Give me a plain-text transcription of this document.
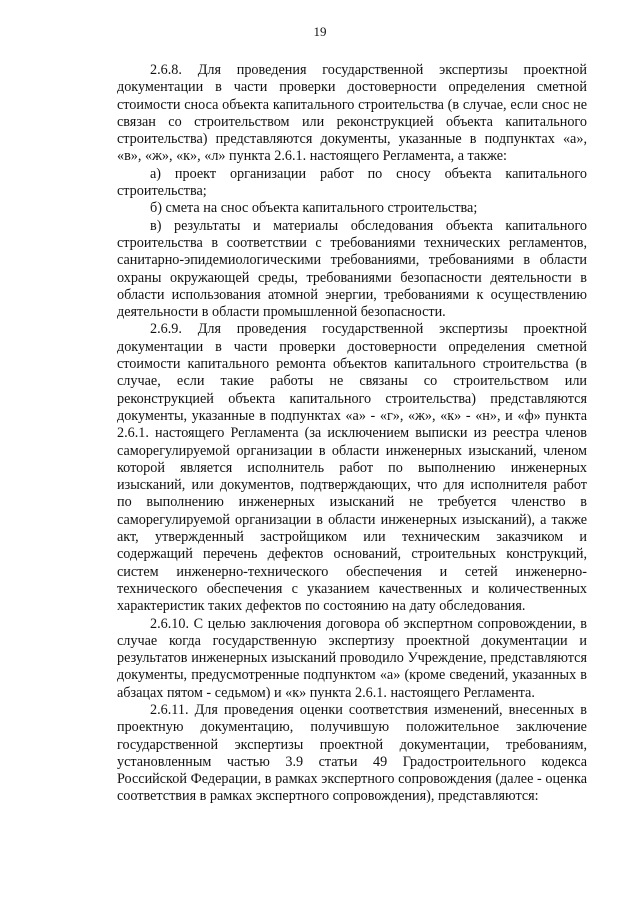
19

2.6.8. Для проведения государственной экспертизы проектной документации в части проверки достоверности определения сметной стоимости сноса объекта капитального строительства (в случае, если снос не связан со строительством или реконструкцией объекта капитального строительства) представляются документы, указанные в подпунктах «а», «в», «ж», «к», «л» пункта 2.6.1. настоящего Регламента, а также:

а) проект организации работ по сносу объекта капитального строительства;

б) смета на снос объекта капитального строительства;

в) результаты и материалы обследования объекта капитального строительства в соответствии с требованиями технических регламентов, санитарно-эпидемиологическими требованиями, требованиями в области охраны окружающей среды, требованиями безопасности деятельности в области использования атомной энергии, требованиями к осуществлению деятельности в области промышленной безопасности.

2.6.9. Для проведения государственной экспертизы проектной документации в части проверки достоверности определения сметной стоимости капитального ремонта объектов капитального строительства (в случае, если такие работы не связаны со строительством или реконструкцией объекта капитального строительства) представляются документы, указанные в подпунктах «а» - «г», «ж», «к» - «н», и «ф» пункта 2.6.1. настоящего Регламента (за исключением выписки из реестра членов саморегулируемой организации в области инженерных изысканий, членом которой является исполнитель работ по выполнению инженерных изысканий, или документов, подтверждающих, что для исполнителя работ по выполнению инженерных изысканий не требуется членство в саморегулируемой организации в области инженерных изысканий), а также акт, утвержденный застройщиком или техническим заказчиком и содержащий перечень дефектов оснований, строительных конструкций, систем инженерно-технического обеспечения и сетей инженерно-технического обеспечения с указанием качественных и количественных характеристик таких дефектов по состоянию на дату обследования.

2.6.10. С целью заключения договора об экспертном сопровождении, в случае когда государственную экспертизу проектной документации и результатов инженерных изысканий проводило Учреждение, представляются документы, предусмотренные подпунктом «а» (кроме сведений, указанных в абзацах пятом - седьмом) и «к» пункта 2.6.1. настоящего Регламента.

2.6.11. Для проведения оценки соответствия изменений, внесенных в проектную документацию, получившую положительное заключение государственной экспертизы проектной документации, требованиям, установленным частью 3.9 статьи 49 Градостроительного кодекса Российской Федерации, в рамках экспертного сопровождения (далее - оценка соответствия в рамках экспертного сопровождения), представляются:
